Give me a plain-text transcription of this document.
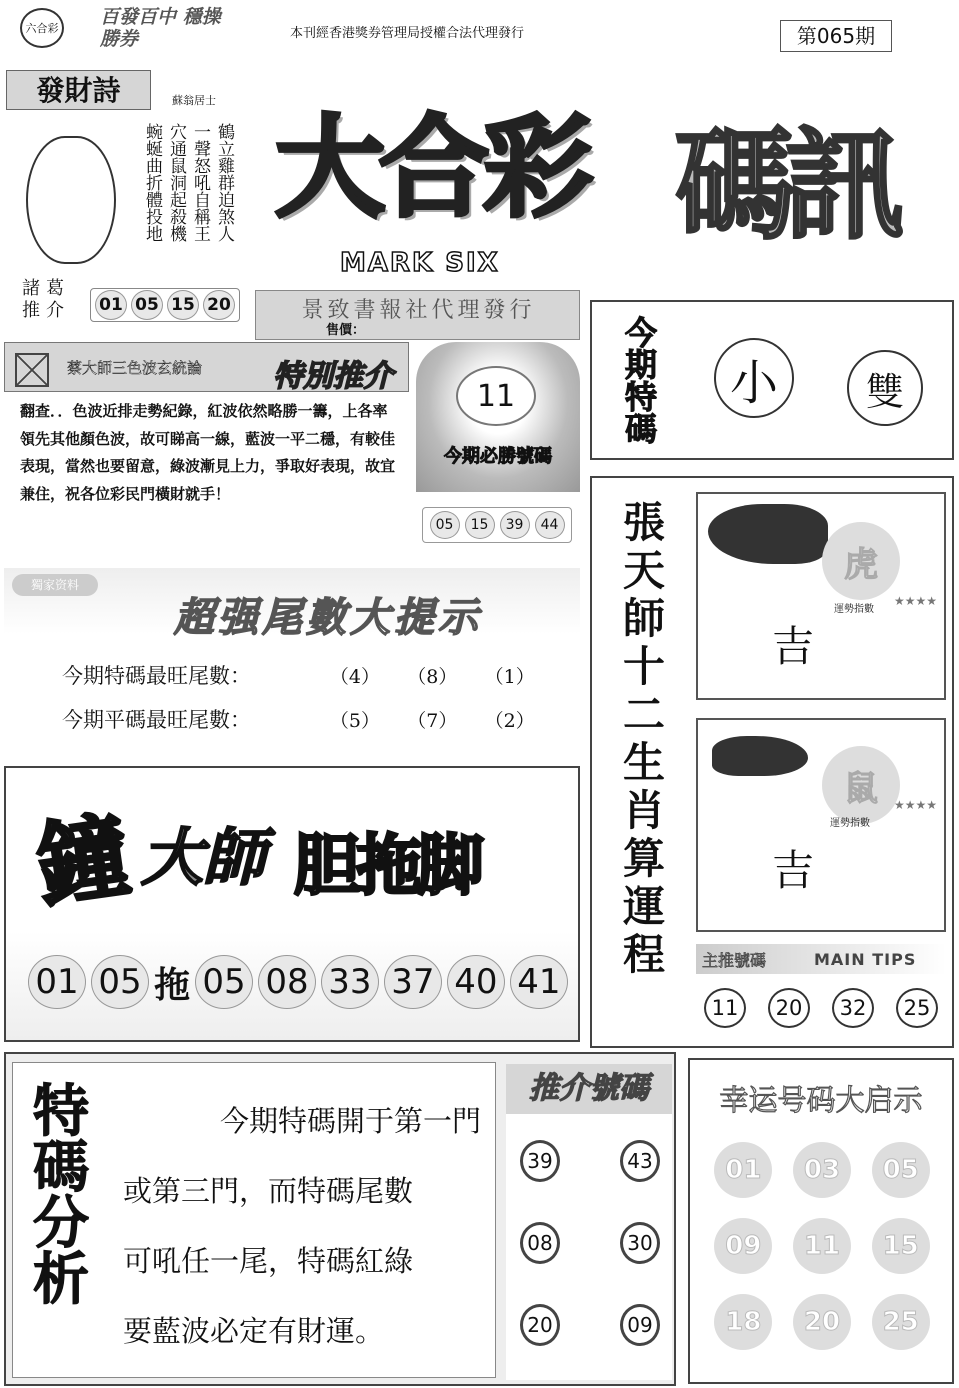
六合彩
百發百中 穩操勝券	本刊經香港獎券管理局授權合法代理發行	第065期
發財詩	蘇翁居士
鶴立雞群迫煞人
一聲怒吼自稱王
穴通鼠洞起殺機
蜿蜒曲折體投地
諸葛推介	01 05 15 20
大合彩 碼訊
MARK SIX
景致書報社代理發行
售價：	今期特碼 小 雙
蔡大師三色波玄統論 特別推介
翻查．．色波近排走勢紀錄，紅波依然略勝一籌，上各率領先其他顏色波，故可睇高一線，藍波一平二穩，有較佳表現，當然也要留意，綠波漸見上力，爭取好表現，故宜兼住，祝各位彩民門橫財就手！
11
今期必勝號碼
05	15	39	44
獨家资料
超强尾數大提示
今期特碼最旺尾數：	（4）	（8）	（1）
今期平碼最旺尾數：	（5）	（7）	（2）	張天師十二生肖算運程	虎
運勢指數
★★★★
吉
鼠
運勢指數
★★★★
吉
主推號碼	MAIN TIPS
11	20	32	25
鐘 大師 胆拖脚
01 05 拖 05 08 33 37 40 41
特碼分析	今期特碼開于第一門
或第三門，而特碼尾數
可吼任一尾，特碼紅綠
要藍波必定有財運。
推介號碼
39	43
08	30
20	09
幸运号码大启示
01	03	05
09	11	15
18	20	25
